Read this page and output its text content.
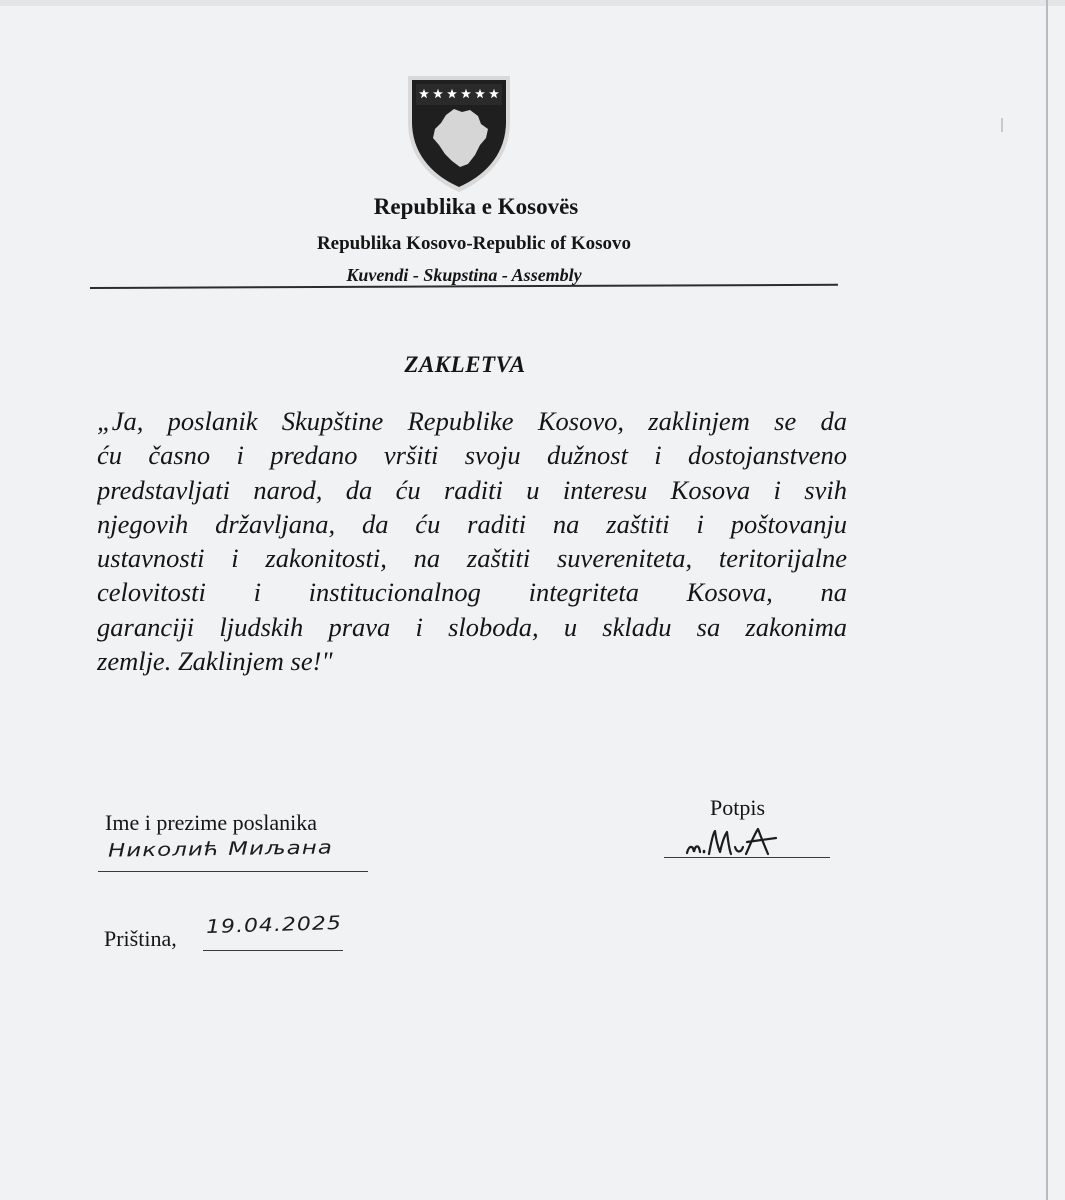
Republika e Kosovës
Republika Kosovo-Republic of Kosovo
Kuvendi - Skupstina - Assembly
ZAKLETVA
„Ja, poslanik Skupštine Republike Kosovo, zaklinjem se da
ću časno i predano vršiti svoju dužnost i dostojanstveno
predstavljati narod, da ću raditi u interesu Kosova i svih
njegovih državljana, da ću raditi na zaštiti i poštovanju
ustavnosti i zakonitosti, na zaštiti suvereniteta, teritorijalne
celovitosti i institucionalnog integriteta Kosova, na
garanciji ljudskih prava i sloboda, u skladu sa zakonima
zemlje. Zaklinjem se!"
Ime i prezime poslanika
Николић Миљана
Potpis
Priština,
19.04.2025
